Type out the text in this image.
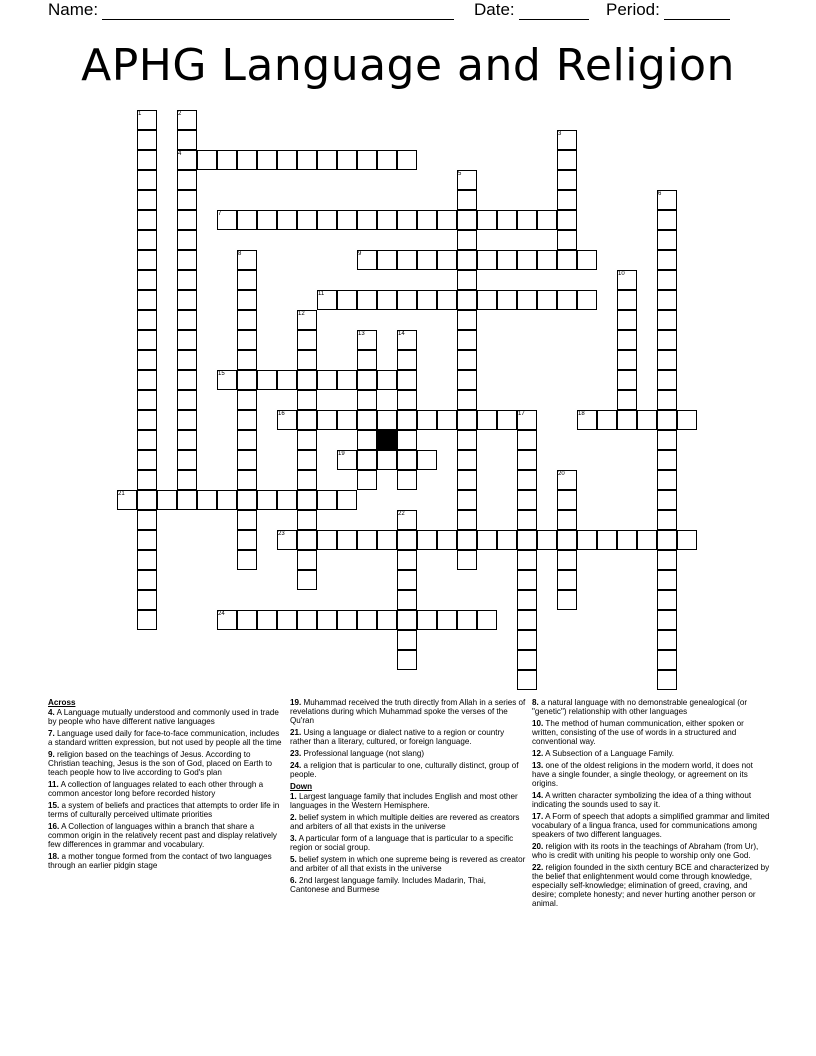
Name:	Date:	Period:
APHG Language and Religion
1	2
3
4
5
6
7
8	9
10
11
12
13	14
15
16	17	18
19
20
21
22
23
24
Across
4. A Language mutually understood and commonly used in trade by people who have different native languages
7. Language used daily for face-to-face communication, includes a standard written expression, but not used by people all the time
9. religion based on the teachings of Jesus. According to Christian teaching, Jesus is the son of God, placed on Earth to teach people how to live according to God's plan
11. A collection of languages related to each other through a common ancestor long before recorded history
15. a system of beliefs and practices that attempts to order life in terms of culturally perceived ultimate priorities
16. A Collection of languages within a branch that share a common origin in the relatively recent past and display relatively few differences in grammar and vocabulary.
18. a mother tongue formed from the contact of two languages through an earlier pidgin stage
19. Muhammad received the truth directly from Allah in a series of revelations during which Muhammad spoke the verses of the Qu'ran
21. Using a language or dialect native to a region or country rather than a literary, cultured, or foreign language.
23. Professional language (not slang)
24. a religion that is particular to one, culturally distinct, group of people.
Down
1. Largest language family that includes English and most other languages in the Western Hemisphere.
2. belief system in which multiple deities are revered as creators and arbiters of all that exists in the universe
3. A particular form of a language that is particular to a specific region or social group.
5. belief system in which one supreme being is revered as creator and arbiter of all that exists in the universe
6. 2nd largest language family. Includes Madarin, Thai, Cantonese and Burmese
8. a natural language with no demonstrable genealogical (or "genetic") relationship with other languages
10. The method of human communication, either spoken or written, consisting of the use of words in a structured and conventional way.
12. A Subsection of a Language Family.
13. one of the oldest religions in the modern world, it does not have a single founder, a single theology, or agreement on its origins.
14. A written character symbolizing the idea of a thing without indicating the sounds used to say it.
17. A Form of speech that adopts a simplified grammar and limited vocabulary of a lingua franca, used for communications among speakers of two different languages.
20. religion with its roots in the teachings of Abraham (from Ur), who is credit with uniting his people to worship only one God.
22. religion founded in the sixth century BCE and characterized by the belief that enlightenment would come through knowledge, especially self-knowledge; elimination of greed, craving, and desire; complete honesty; and never hurting another person or animal.
